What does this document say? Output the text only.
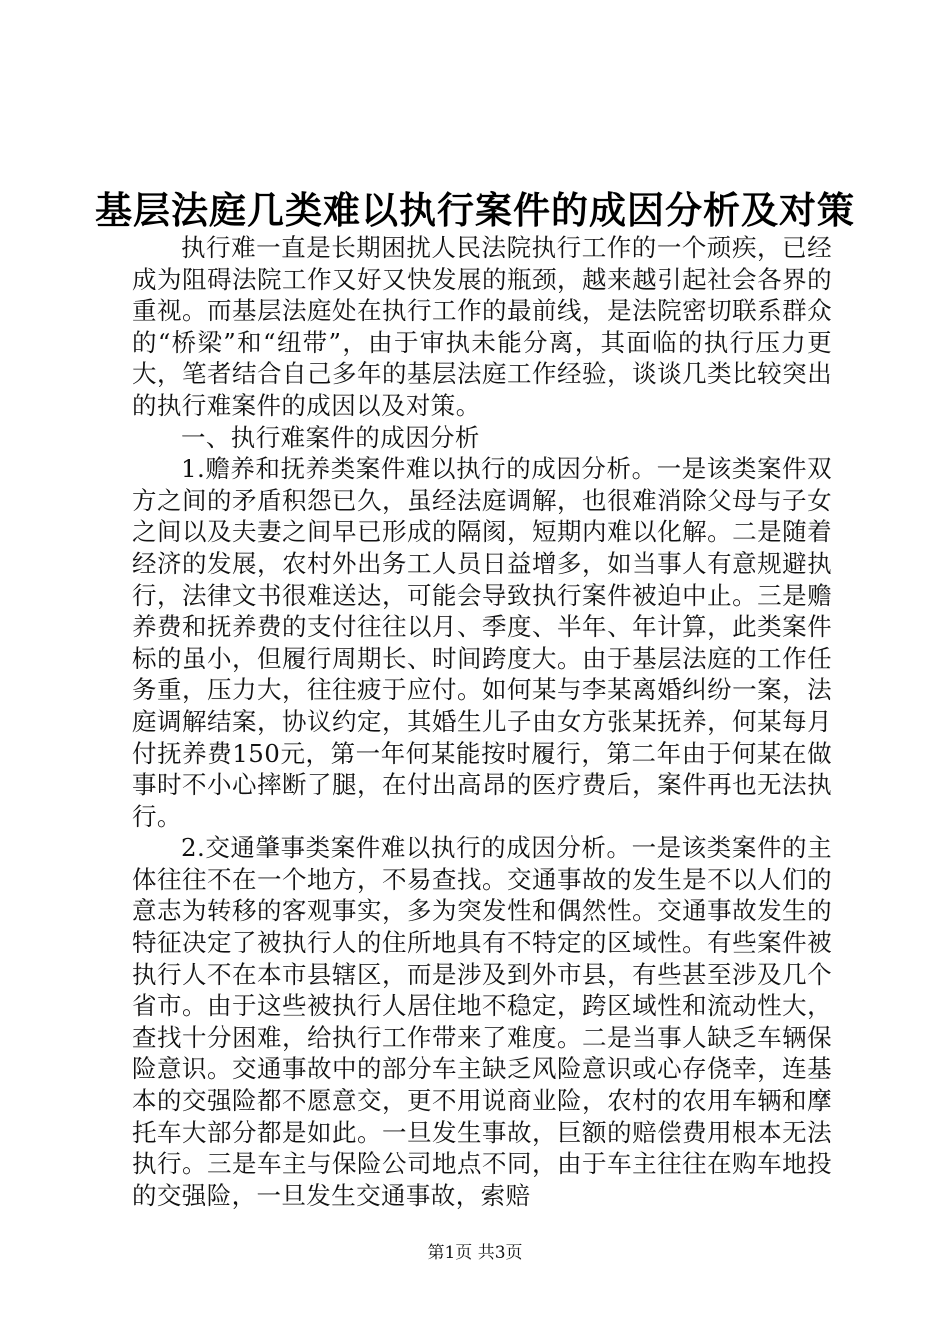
基层法庭几类难以执行案件的成因分析及对策

执行难一直是长期困扰人民法院执行工作的一个顽疾，已经成为阻碍法院工作又好又快发展的瓶颈，越来越引起社会各界的重视。而基层法庭处在执行工作的最前线，是法院密切联系群众的“桥梁”和“纽带”，由于审执未能分离，其面临的执行压力更大，笔者结合自己多年的基层法庭工作经验，谈谈几类比较突出的执行难案件的成因以及对策。

一、执行难案件的成因分析

1.赡养和抚养类案件难以执行的成因分析。一是该类案件双方之间的矛盾积怨已久，虽经法庭调解，也很难消除父母与子女之间以及夫妻之间早已形成的隔阂，短期内难以化解。二是随着经济的发展，农村外出务工人员日益增多，如当事人有意规避执行，法律文书很难送达，可能会导致执行案件被迫中止。三是赡养费和抚养费的支付往往以月、季度、半年、年计算，此类案件标的虽小，但履行周期长、时间跨度大。由于基层法庭的工作任务重，压力大，往往疲于应付。如何某与李某离婚纠纷一案，法庭调解结案，协议约定，其婚生儿子由女方张某抚养，何某每月付抚养费150元，第一年何某能按时履行，第二年由于何某在做事时不小心摔断了腿，在付出高昂的医疗费后，案件再也无法执行。

2.交通肇事类案件难以执行的成因分析。一是该类案件的主体往往不在一个地方，不易查找。交通事故的发生是不以人们的意志为转移的客观事实，多为突发性和偶然性。交通事故发生的特征决定了被执行人的住所地具有不特定的区域性。有些案件被执行人不在本市县辖区，而是涉及到外市县，有些甚至涉及几个省市。由于这些被执行人居住地不稳定，跨区域性和流动性大，查找十分困难，给执行工作带来了难度。二是当事人缺乏车辆保险意识。交通事故中的部分车主缺乏风险意识或心存侥幸，连基本的交强险都不愿意交，更不用说商业险，农村的农用车辆和摩托车大部分都是如此。一旦发生事故，巨额的赔偿费用根本无法执行。三是车主与保险公司地点不同，由于车主往往在购车地投的交强险，一旦发生交通事故，索赔

第1页 共3页
